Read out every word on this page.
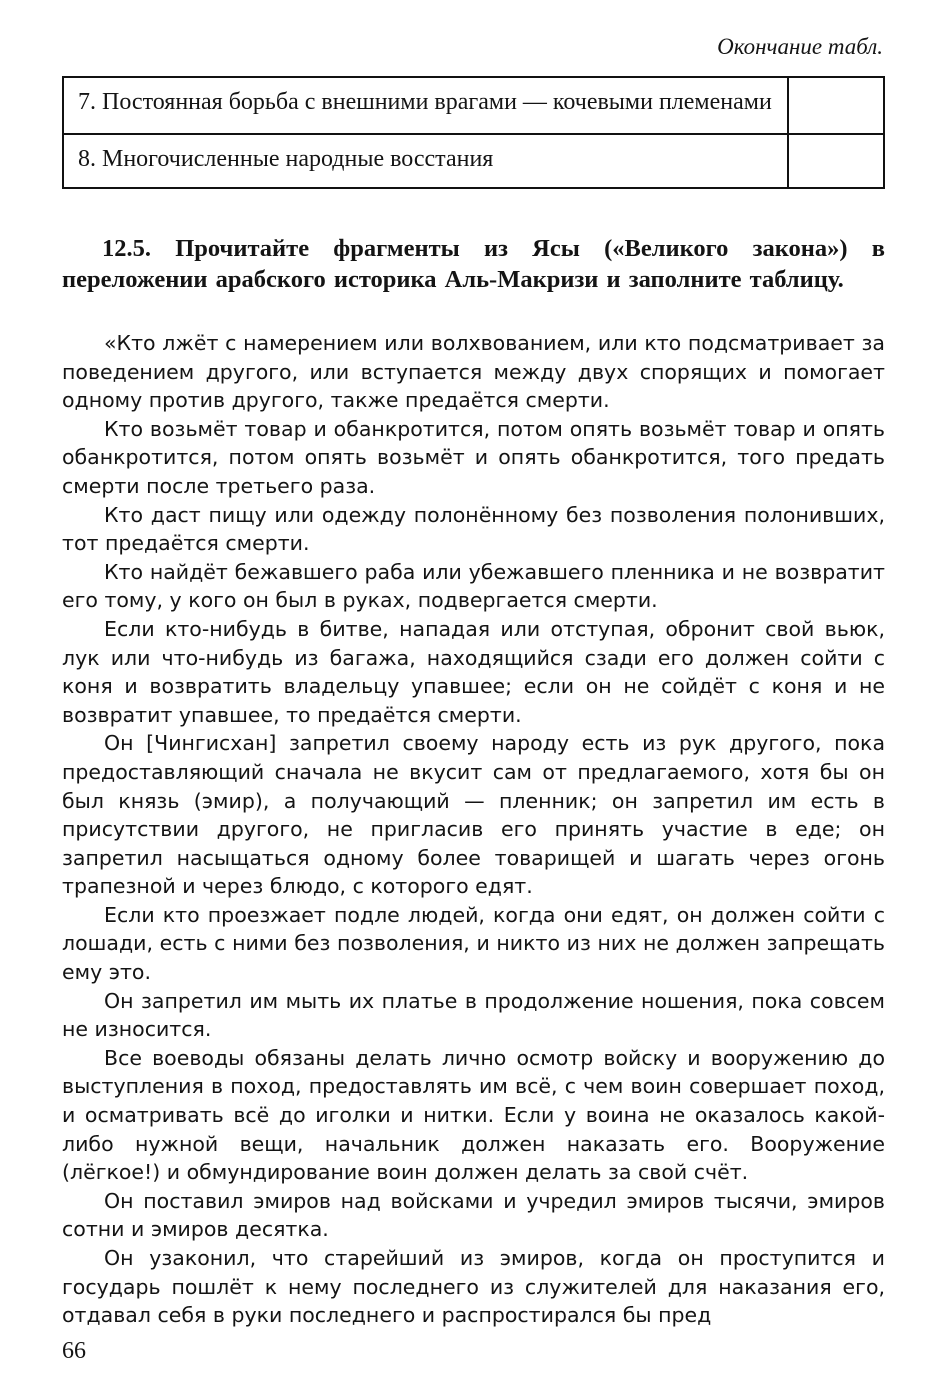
Окончание табл.
7. Постоянная борьба с внешними врагами — кочевыми племенами	
8. Многочисленные народные восстания	

12.5. Прочитайте фрагменты из Ясы («Великого закона») в переложении арабского историка Аль-Макризи и заполните таблицу.

«Кто лжёт с намерением или волхвованием, или кто подсматривает за поведением другого, или вступается между двух спорящих и помогает одному против другого, также предаётся смерти.

Кто возьмёт товар и обанкротится, потом опять возьмёт товар и опять обанкротится, потом опять возьмёт и опять обанкротится, того предать смерти после третьего раза.

Кто даст пищу или одежду полонённому без позволения полонивших, тот предаётся смерти.

Кто найдёт бежавшего раба или убежавшего пленника и не возвратит его тому, у кого он был в руках, подвергается смерти.

Если кто-нибудь в битве, нападая или отступая, обронит свой вьюк, лук или что-нибудь из багажа, находящийся сзади его должен сойти с коня и возвратить владельцу упавшее; если он не сойдёт с коня и не возвратит упавшее, то предаётся смерти.

Он [Чингисхан] запретил своему народу есть из рук другого, пока предоставляющий сначала не вкусит сам от предлагаемого, хотя бы он был князь (эмир), а получающий — пленник; он запретил им есть в присутствии другого, не пригласив его принять участие в еде; он запретил насыщаться одному более товарищей и шагать через огонь трапезной и через блюдо, с которого едят.

Если кто проезжает подле людей, когда они едят, он должен сойти с лошади, есть с ними без позволения, и никто из них не должен запрещать ему это.

Он запретил им мыть их платье в продолжение ношения, пока совсем не износится.

Все воеводы обязаны делать лично осмотр войску и вооружению до выступления в поход, предоставлять им всё, с чем воин совершает поход, и осматривать всё до иголки и нитки. Если у воина не оказалось какой-либо нужной вещи, начальник должен наказать его. Вооружение (лёгкое!) и обмундирование воин должен делать за свой счёт.

Он поставил эмиров над войсками и учредил эмиров тысячи, эмиров сотни и эмиров десятка.

Он узаконил, что старейший из эмиров, когда он проступится и государь пошлёт к нему последнего из служителей для наказания его, отдавал себя в руки последнего и распростирался бы пред

66
